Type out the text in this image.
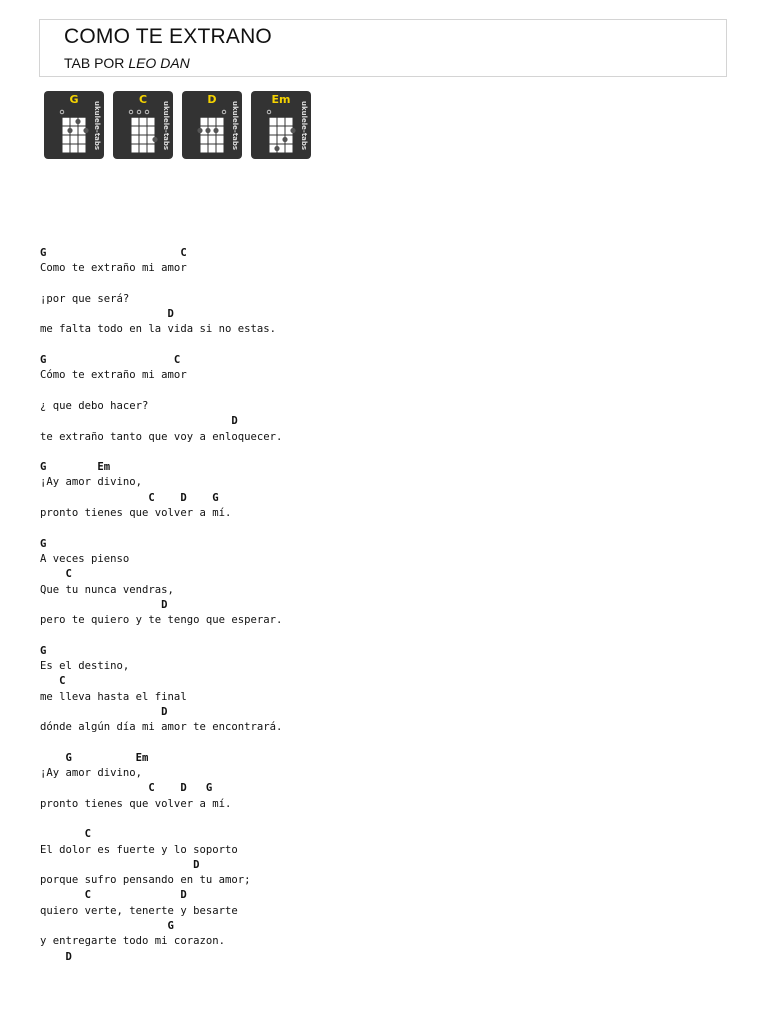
COMO TE EXTRANO
TAB POR LEO DAN
G
ukulele-tabs
C
ukulele-tabs
D
ukulele-tabs
Em
ukulele-tabs
G                     C
Como te extraño mi amor
¡por que será?
D
me falta todo en la vida si no estas.
G                    C
Cómo te extraño mi amor
¿ que debo hacer?
D
te extraño tanto que voy a enloquecer.
G        Em
¡Ay amor divino,
C    D    G
pronto tienes que volver a mí.
G
A veces pienso
C
Que tu nunca vendras,
D
pero te quiero y te tengo que esperar.
G
Es el destino,
C
me lleva hasta el final
D
dónde algún día mi amor te encontrará.
G          Em
¡Ay amor divino,
C    D   G
pronto tienes que volver a mí.
C
El dolor es fuerte y lo soporto
D
porque sufro pensando en tu amor;
C              D
quiero verte, tenerte y besarte
G
y entregarte todo mi corazon.
D
